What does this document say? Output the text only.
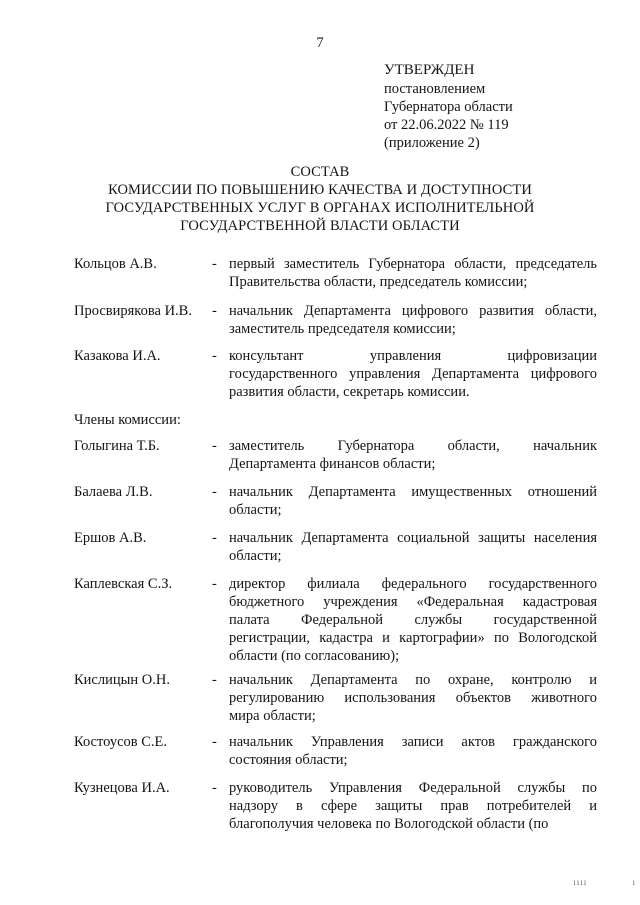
7
УТВЕРЖДЕН
постановлением
Губернатора области
от 22.06.2022 № 119
(приложение 2)
СОСТАВ
КОМИССИИ ПО ПОВЫШЕНИЮ КАЧЕСТВА И ДОСТУПНОСТИ
ГОСУДАРСТВЕННЫХ УСЛУГ В ОРГАНАХ ИСПОЛНИТЕЛЬНОЙ
ГОСУДАРСТВЕННОЙ ВЛАСТИ ОБЛАСТИ
Кольцов А.В.	- первый заместитель Губернатора области, председатель
Правительства области, председатель комиссии;
Просвирякова И.В. - начальник Департамента цифрового развития области,
заместитель председателя комиссии;
Казакова И.А.	- консультант управления цифровизации
государственного управления Департамента цифрового
развития области, секретарь комиссии.
Члены комиссии:
Голыгина Т.Б.	- заместитель Губернатора области, начальник
Департамента финансов области;
Балаева Л.В.	- начальник Департамента имущественных отношений
области;
Ершов А.В.	- начальник Департамента социальной защиты населения
области;
Каплевская С.З.	- директор филиала федерального государственного
бюджетного учреждения «Федеральная кадастровая
палата Федеральной службы государственной
регистрации, кадастра и картографии» по Вологодской
области (по согласованию);
Кислицын О.Н.	- начальник Департамента по охране, контролю и
регулированию использования объектов животного
мира области;
Костоусов С.Е.	- начальник Управления записи актов гражданского
состояния области;
Кузнецова И.А.	- руководитель Управления Федеральной службы по
надзору в сфере защиты прав потребителей и
благополучия человека по Вологодской области (по
ıııı	ı
